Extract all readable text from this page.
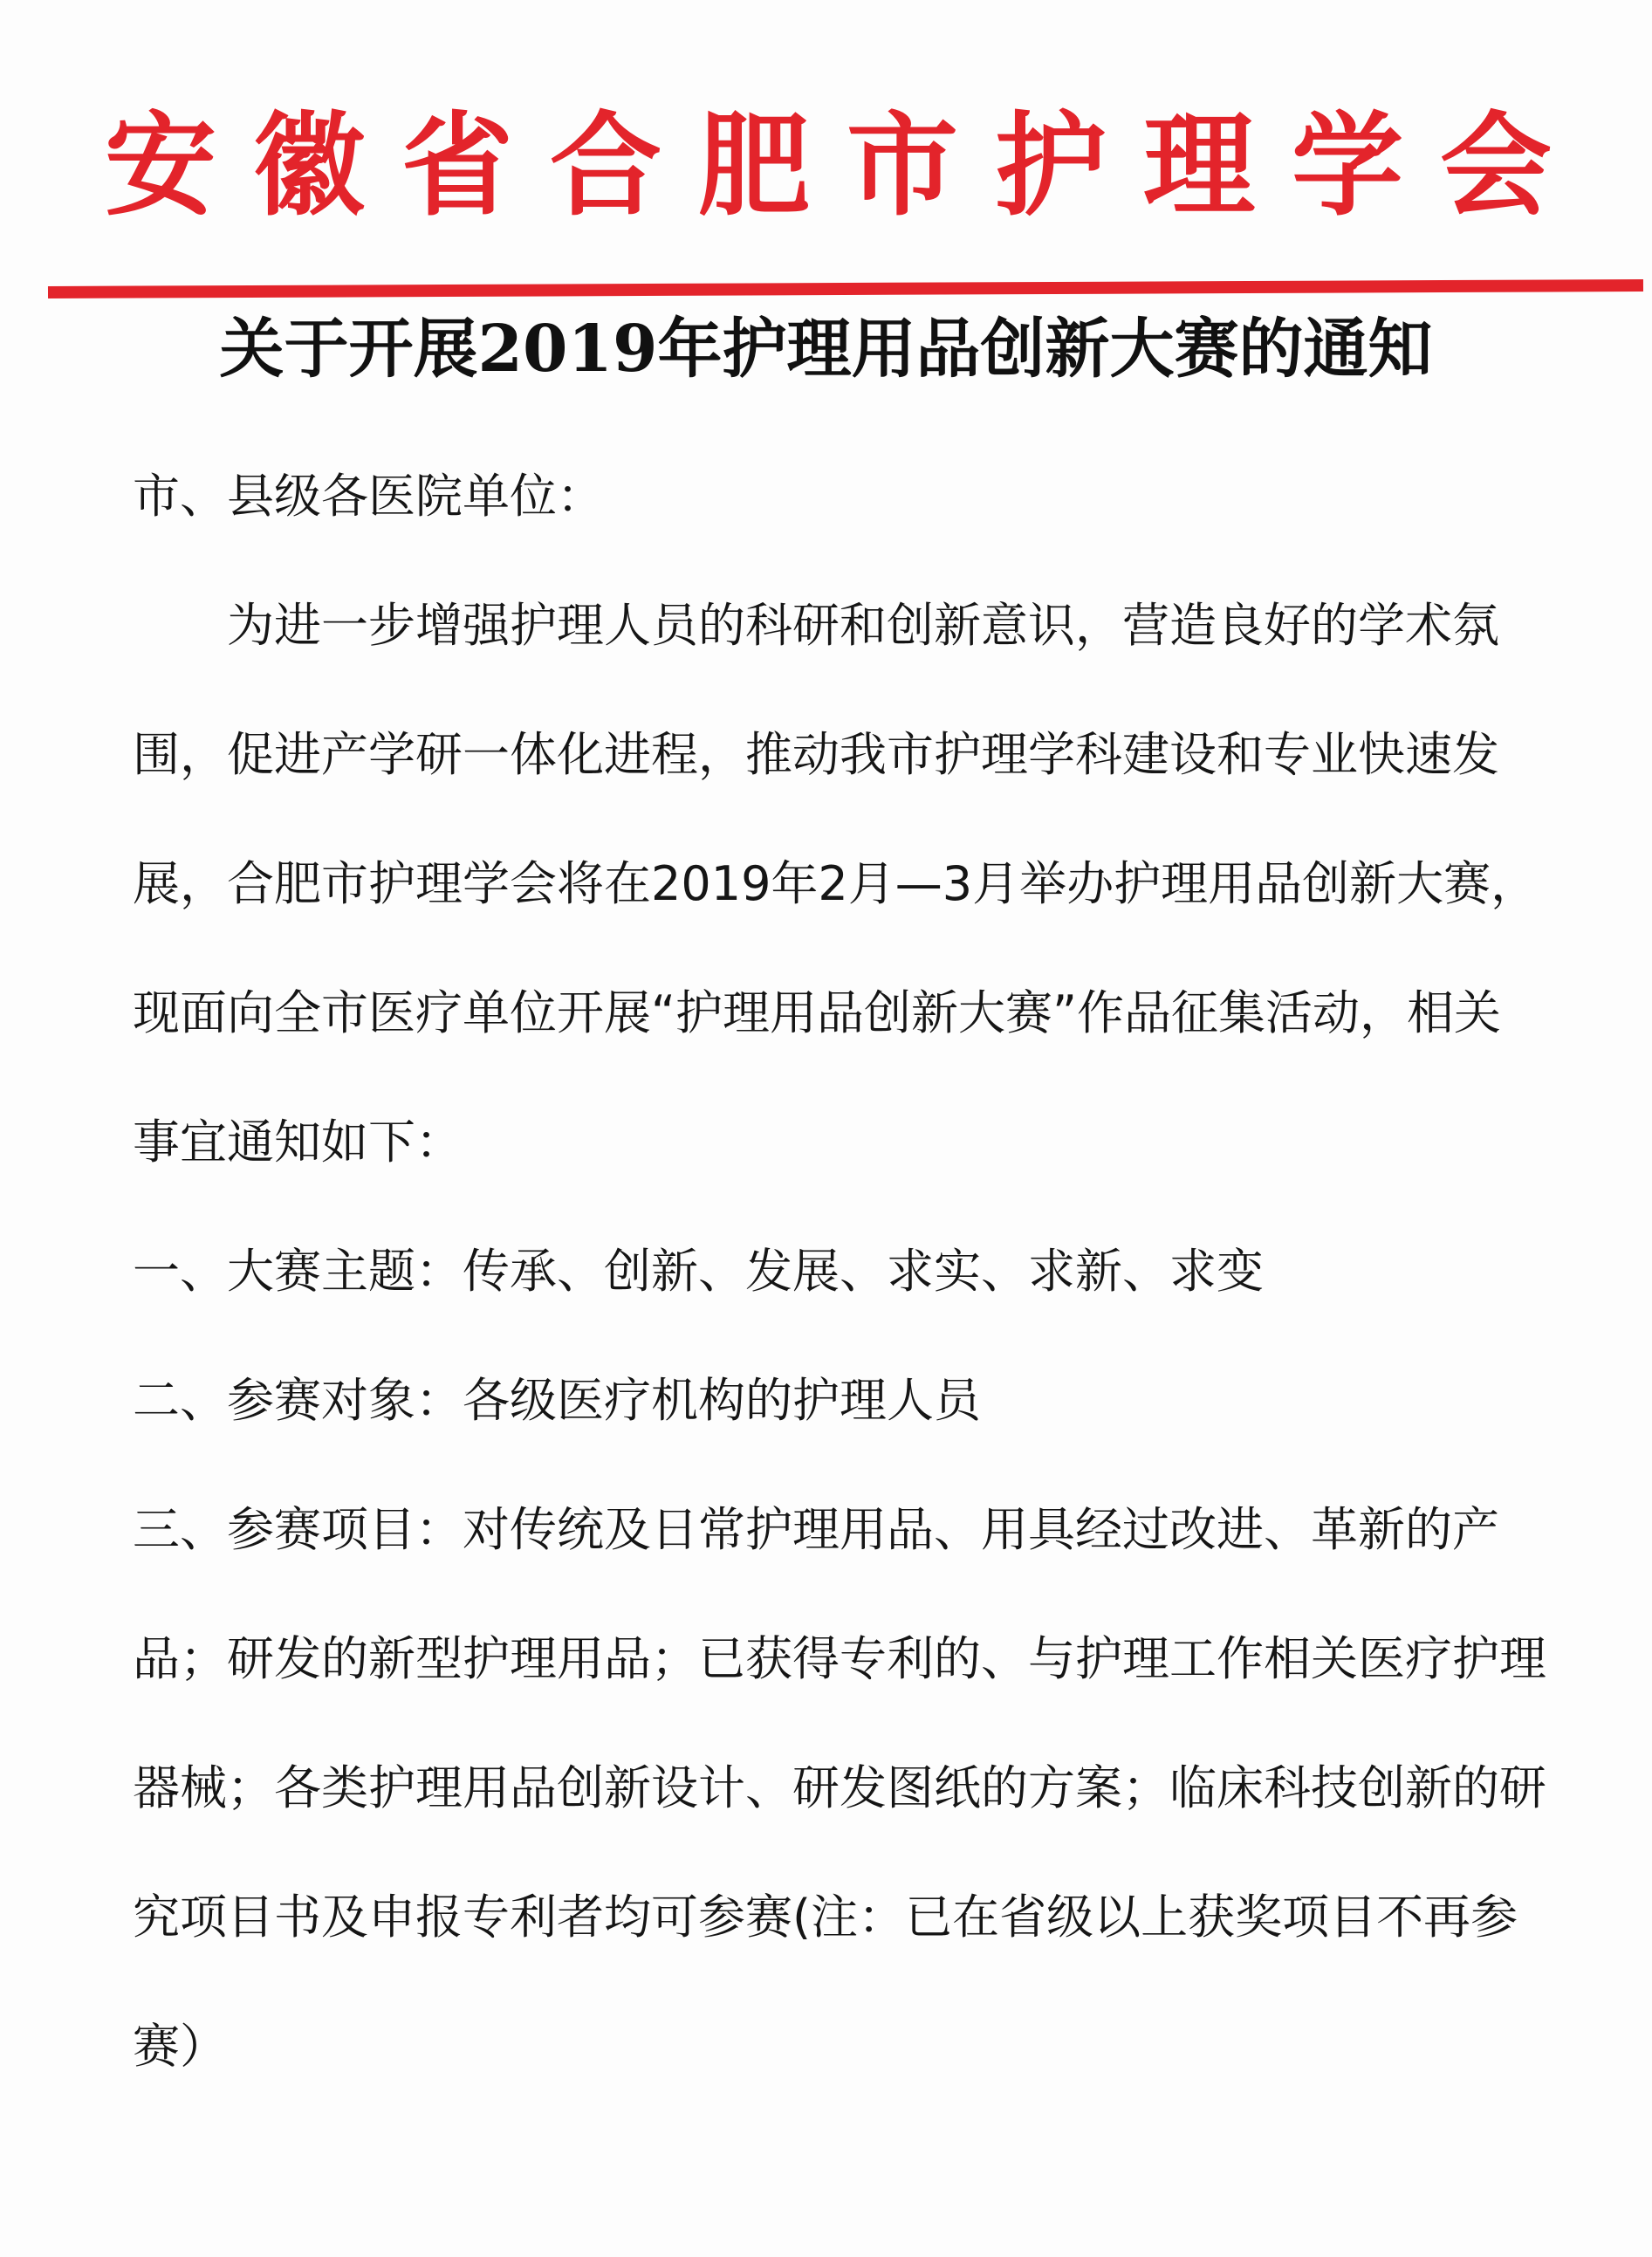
安徽省合肥市护理学会
关于开展2019年护理用品创新大赛的通知

市、县级各医院单位：

为进一步增强护理人员的科研和创新意识，营造良好的学术氛围，促进产学研一体化进程，推动我市护理学科建设和专业快速发展，合肥市护理学会将在2019年2月—3月举办护理用品创新大赛，现面向全市医疗单位开展“护理用品创新大赛”作品征集活动，相关事宜通知如下：

一、大赛主题：传承、创新、发展、求实、求新、求变

二、参赛对象：各级医疗机构的护理人员

三、参赛项目：对传统及日常护理用品、用具经过改进、革新的产品；研发的新型护理用品；已获得专利的、与护理工作相关医疗护理器械；各类护理用品创新设计、研发图纸的方案；临床科技创新的研究项目书及申报专利者均可参赛(注：已在省级以上获奖项目不再参赛）
